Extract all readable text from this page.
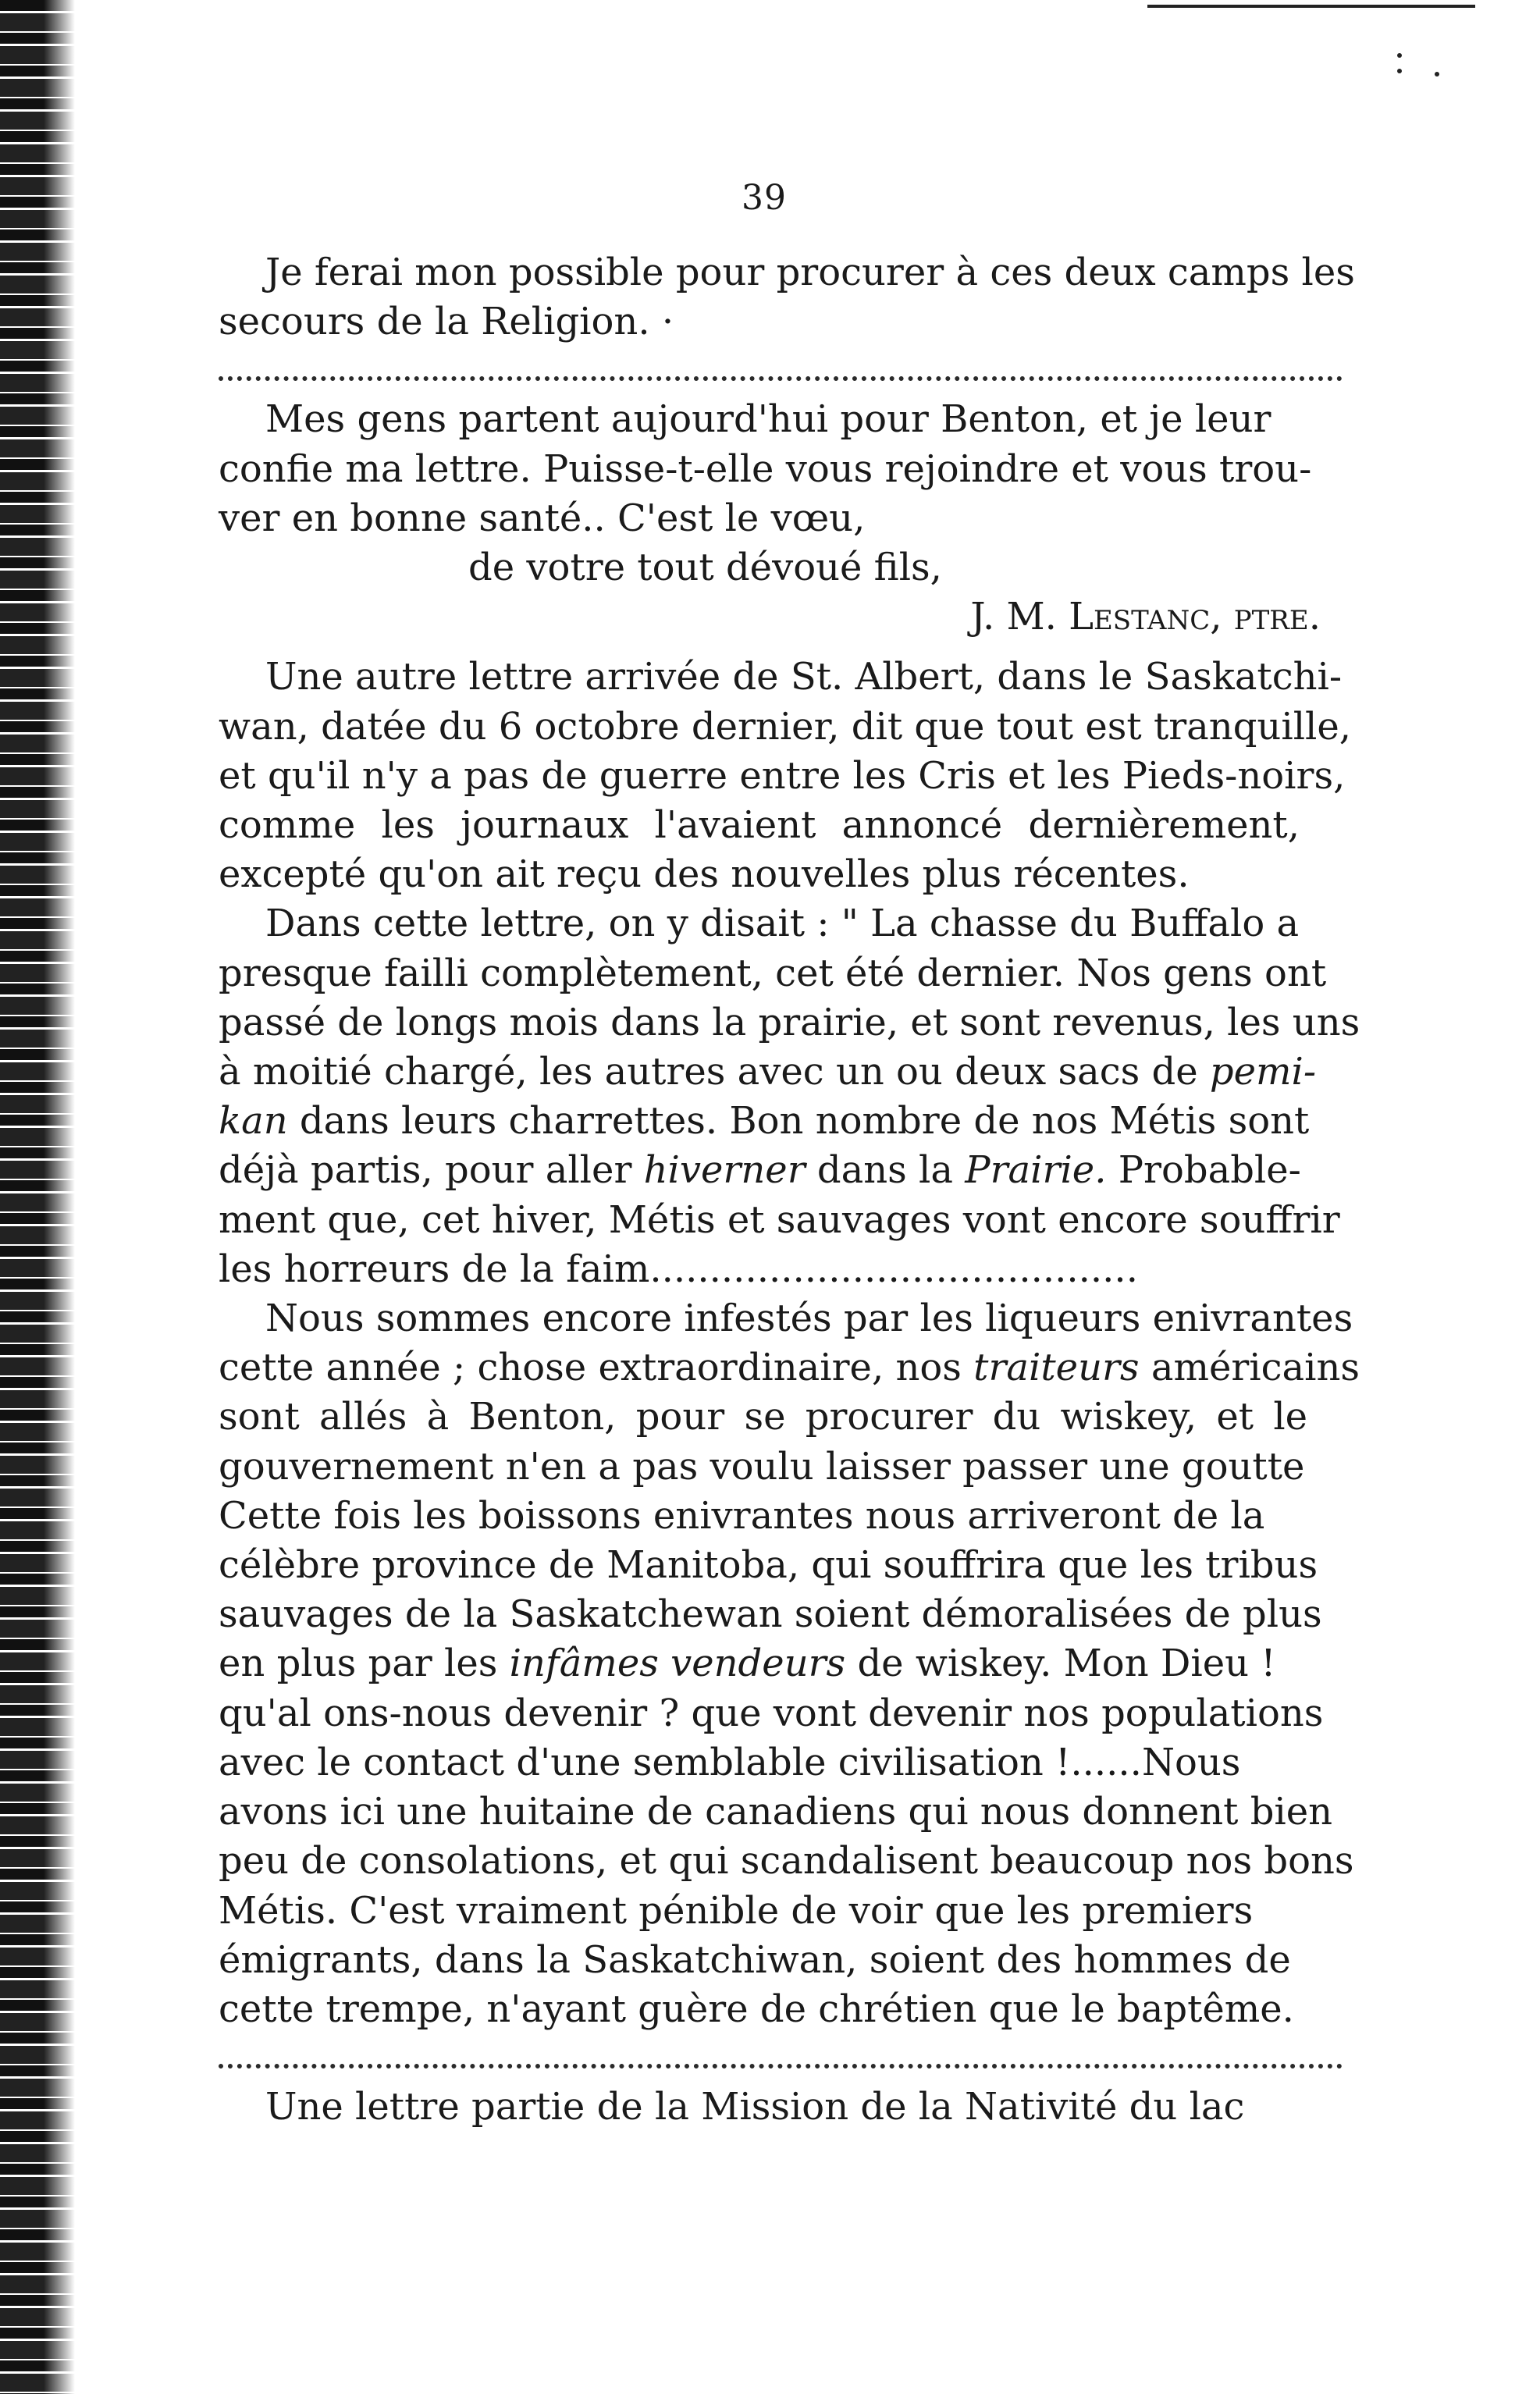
39

Je ferai mon possible pour procurer à ces deux camps les
secours de la Religion. ·

Mes gens partent aujourd'hui pour Benton, et je leur
confie ma lettre. Puisse-t-elle vous rejoindre et vous trou-
ver en bonne santé.. C'est le vœu,
de votre tout dévoué fils,
J. M. Lestanc, ptre.

Une autre lettre arrivée de St. Albert, dans le Saskatchi-
wan, datée du 6 octobre dernier, dit que tout est tranquille,
et qu'il n'y a pas de guerre entre les Cris et les Pieds-noirs,
comme les journaux l'avaient annoncé dernièrement,
excepté qu'on ait reçu des nouvelles plus récentes.

Dans cette lettre, on y disait : " La chasse du Buffalo a
presque failli complètement, cet été dernier. Nos gens ont
passé de longs mois dans la prairie, et sont revenus, les uns
à moitié chargé, les autres avec un ou deux sacs de pemi-
kan dans leurs charrettes. Bon nombre de nos Métis sont
déjà partis, pour aller hiverner dans la Prairie. Probable-
ment que, cet hiver, Métis et sauvages vont encore souffrir
les horreurs de la faim.........................................

Nous sommes encore infestés par les liqueurs enivrantes
cette année ; chose extraordinaire, nos traiteurs américains
sont allés à Benton, pour se procurer du wiskey, et le
gouvernement n'en a pas voulu laisser passer une goutte
Cette fois les boissons enivrantes nous arriveront de la
célèbre province de Manitoba, qui souffrira que les tribus
sauvages de la Saskatchewan soient démoralisées de plus
en plus par les infâmes vendeurs de wiskey. Mon Dieu !
qu'al ons-nous devenir ? que vont devenir nos populations
avec le contact d'une semblable civilisation !......Nous
avons ici une huitaine de canadiens qui nous donnent bien
peu de consolations, et qui scandalisent beaucoup nos bons
Métis. C'est vraiment pénible de voir que les premiers
émigrants, dans la Saskatchiwan, soient des hommes de
cette trempe, n'ayant guère de chrétien que le baptême.

Une lettre partie de la Mission de la Nativité du lac
